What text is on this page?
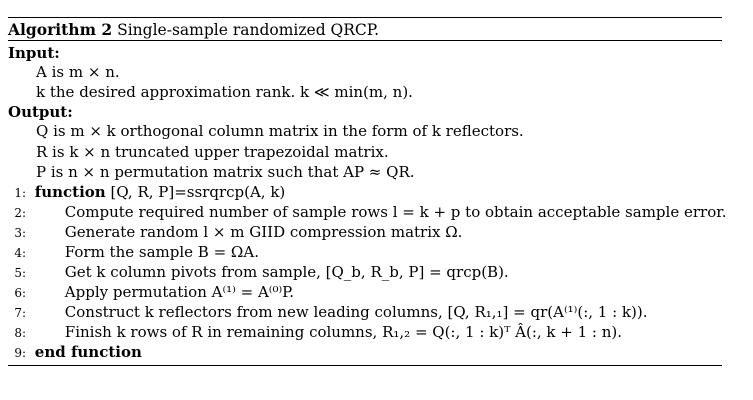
Algorithm 2 Single-sample randomized QRCP.
Input:
A is m × n.
k the desired approximation rank. k ≪ min(m, n).
Output:
Q is m × k orthogonal column matrix in the form of k reflectors.
R is k × n truncated upper trapezoidal matrix.
P is n × n permutation matrix such that AP ≈ QR.
1: function [Q, R, P]=ssrqrcp(A, k)
2:	Compute required number of sample rows l = k + p to obtain acceptable sample error.
3:	Generate random l × m GIID compression matrix Ω.
4:	Form the sample B = ΩA.
5:	Get k column pivots from sample, [Q_b, R_b, P] = qrcp(B).
6:	Apply permutation A⁽¹⁾ = A⁽⁰⁾P.
7:	Construct k reflectors from new leading columns, [Q, R₁,₁] = qr(A⁽¹⁾(:, 1 : k)).
8:	Finish k rows of R in remaining columns, R₁,₂ = Q(:, 1 : k)ᵀ Â(:, k + 1 : n).
9: end function
